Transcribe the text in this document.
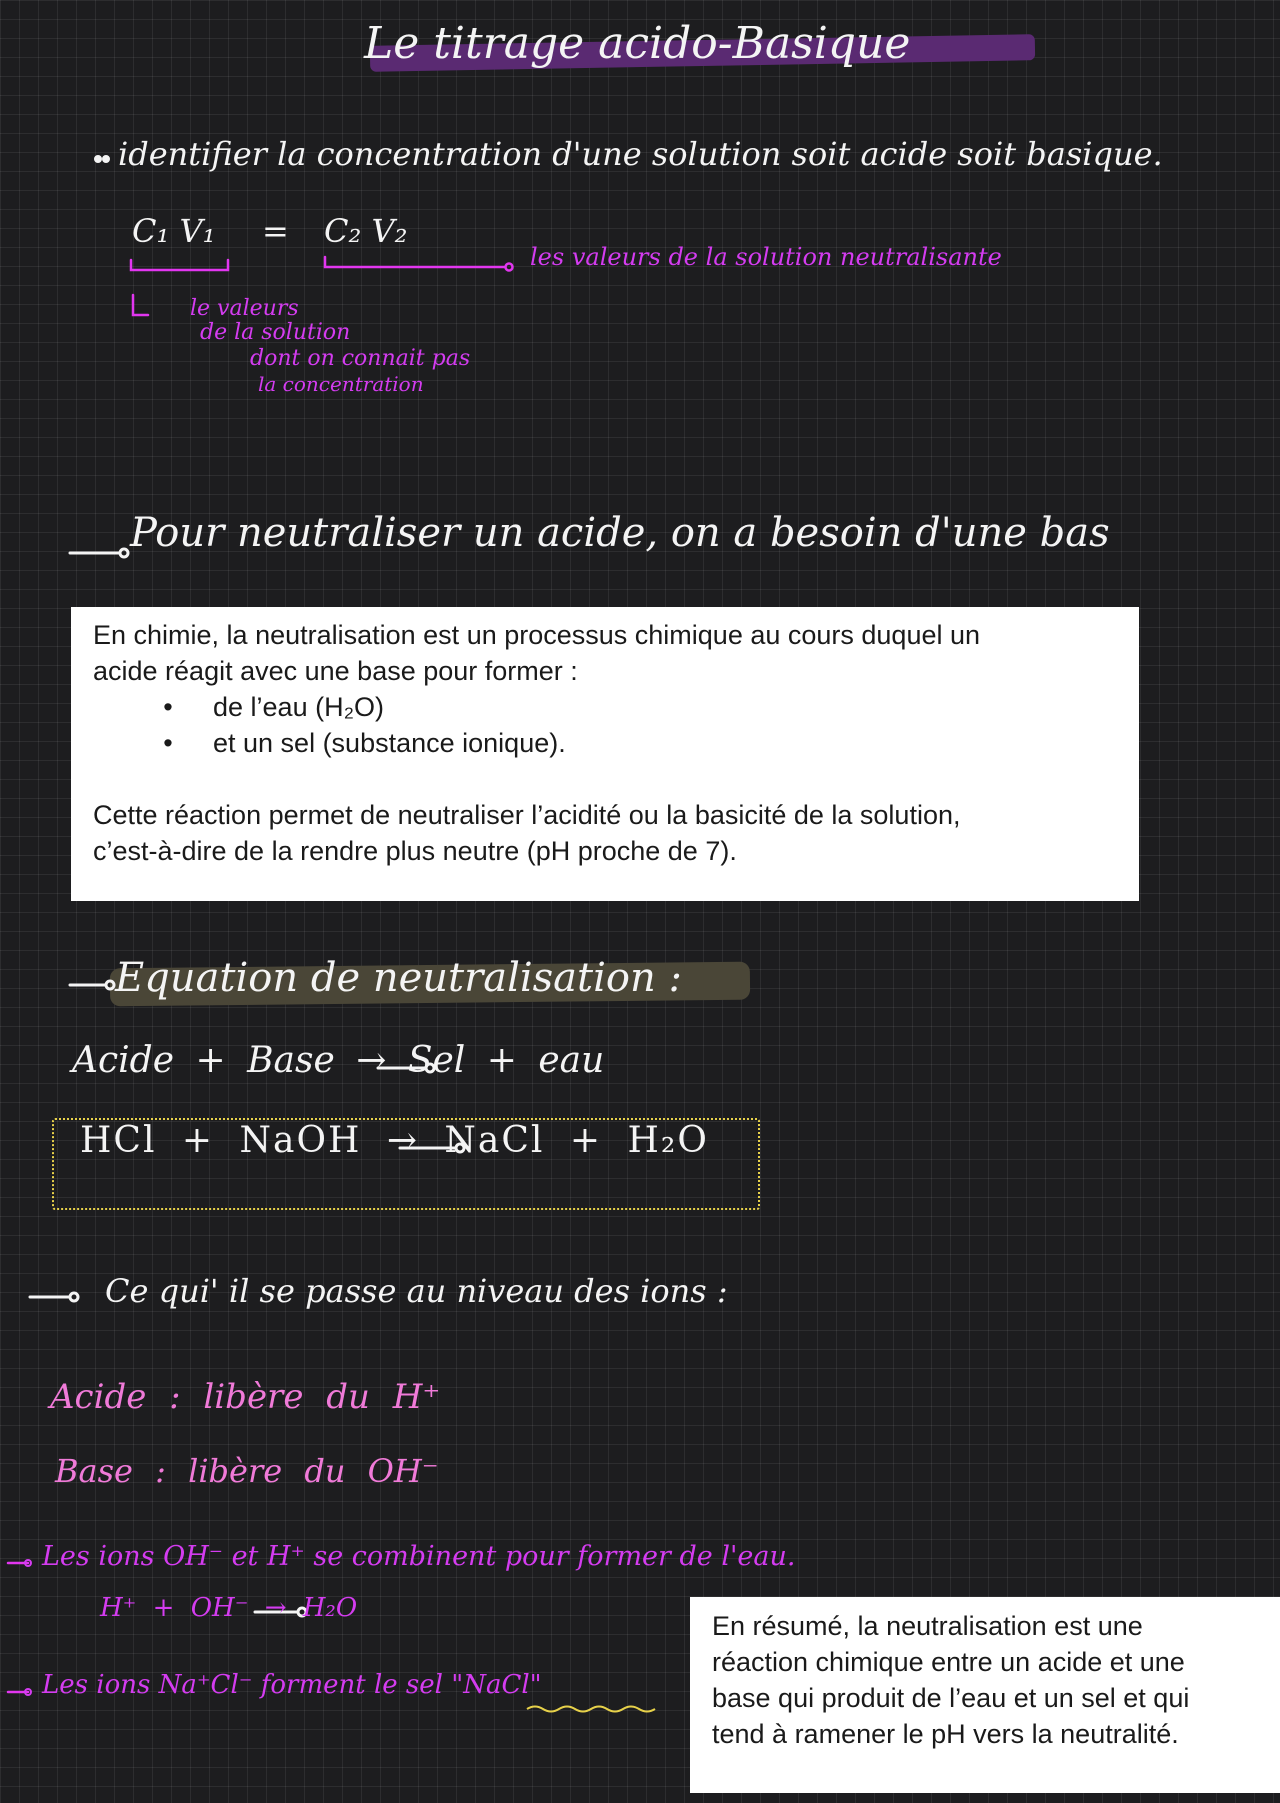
Le titrage acido-Basique
identifier la concentration d'une solution soit acide soit basique.
C₁ V₁ = C₂ V₂
les valeurs de la solution neutralisante
le valeurs
de la solution
dont on connait pas
la concentration
Pour neutraliser un acide, on a besoin d'une bas

En chimie, la neutralisation est un processus chimique au cours duquel un

acide réagit avec une base pour former :

•	de l’eau (H₂O)
•	et un sel (substance ionique).

Cette réaction permet de neutraliser l’acidité ou la basicité de la solution,

c’est-à-dire de la rendre plus neutre (pH proche de 7).

Equation de neutralisation :
Acide + Base → Sel + eau
HCl + NaOH → NaCl + H₂O
Ce qui' il se passe au niveau des ions :
Acide : libère du H⁺
Base : libère du OH⁻
Les ions OH⁻ et H⁺ se combinent pour former de l'eau.
H⁺ + OH⁻ → H₂O
Les ions Na⁺Cl⁻ forment le sel "NaCl"

En résumé, la neutralisation est une

réaction chimique entre un acide et une

base qui produit de l’eau et un sel et qui

tend à ramener le pH vers la neutralité.
